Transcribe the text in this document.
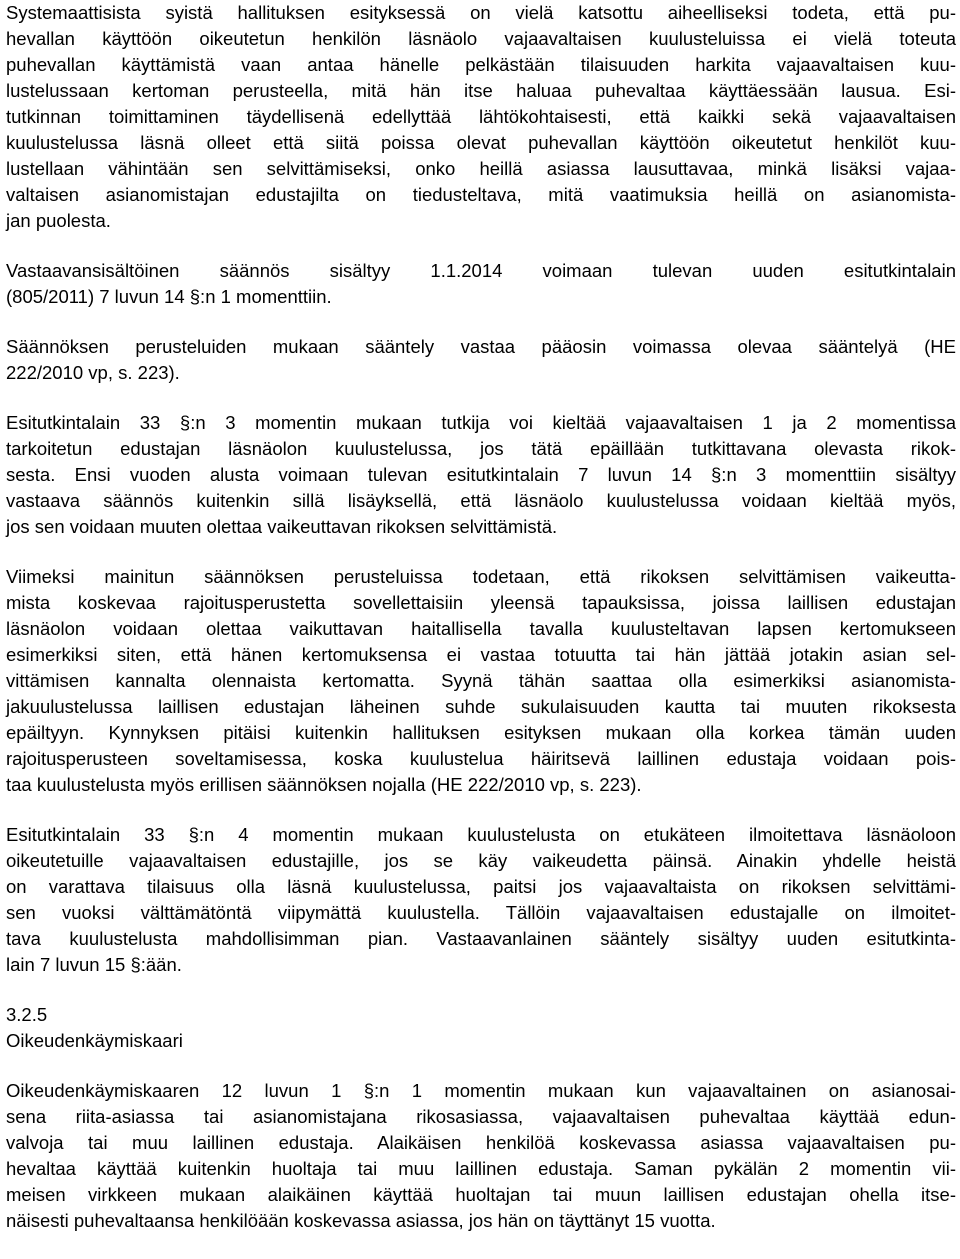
Systemaattisista syistä hallituksen esityksessä on vielä katsottu aiheelliseksi todeta, että pu-
hevallan käyttöön oikeutetun henkilön läsnäolo vajaavaltaisen kuulusteluissa ei vielä toteuta
puhevallan käyttämistä vaan antaa hänelle pelkästään tilaisuuden harkita vajaavaltaisen kuu-
lustelussaan kertoman perusteella, mitä hän itse haluaa puhevaltaa käyttäessään lausua. Esi-
tutkinnan toimittaminen täydellisenä edellyttää lähtökohtaisesti, että kaikki sekä vajaavaltaisen
kuulustelussa läsnä olleet että siitä poissa olevat puhevallan käyttöön oikeutetut henkilöt kuu-
lustellaan vähintään sen selvittämiseksi, onko heillä asiassa lausuttavaa, minkä lisäksi vajaa-
valtaisen asianomistajan edustajilta on tiedusteltava, mitä vaatimuksia heillä on asianomista-
jan puolesta.
Vastaavansisältöinen säännös sisältyy 1.1.2014 voimaan tulevan uuden esitutkintalain
(805/2011) 7 luvun 14 §:n 1 momenttiin.
Säännöksen perusteluiden mukaan sääntely vastaa pääosin voimassa olevaa sääntelyä (HE
222/2010 vp, s. 223).
Esitutkintalain 33 §:n 3 momentin mukaan tutkija voi kieltää vajaavaltaisen 1 ja 2 momentissa
tarkoitetun edustajan läsnäolon kuulustelussa, jos tätä epäillään tutkittavana olevasta rikok-
sesta. Ensi vuoden alusta voimaan tulevan esitutkintalain 7 luvun 14 §:n 3 momenttiin sisältyy
vastaava säännös kuitenkin sillä lisäyksellä, että läsnäolo kuulustelussa voidaan kieltää myös,
jos sen voidaan muuten olettaa vaikeuttavan rikoksen selvittämistä.
Viimeksi mainitun säännöksen perusteluissa todetaan, että rikoksen selvittämisen vaikeutta-
mista koskevaa rajoitusperustetta sovellettaisiin yleensä tapauksissa, joissa laillisen edustajan
läsnäolon voidaan olettaa vaikuttavan haitallisella tavalla kuulusteltavan lapsen kertomukseen
esimerkiksi siten, että hänen kertomuksensa ei vastaa totuutta tai hän jättää jotakin asian sel-
vittämisen kannalta olennaista kertomatta. Syynä tähän saattaa olla esimerkiksi asianomista-
jakuulustelussa laillisen edustajan läheinen suhde sukulaisuuden kautta tai muuten rikoksesta
epäiltyyn. Kynnyksen pitäisi kuitenkin hallituksen esityksen mukaan olla korkea tämän uuden
rajoitusperusteen soveltamisessa, koska kuulustelua häiritsevä laillinen edustaja voidaan pois-
taa kuulustelusta myös erillisen säännöksen nojalla (HE 222/2010 vp, s. 223).
Esitutkintalain 33 §:n 4 momentin mukaan kuulustelusta on etukäteen ilmoitettava läsnäoloon
oikeutetuille vajaavaltaisen edustajille, jos se käy vaikeudetta päinsä. Ainakin yhdelle heistä
on varattava tilaisuus olla läsnä kuulustelussa, paitsi jos vajaavaltaista on rikoksen selvittämi-
sen vuoksi välttämätöntä viipymättä kuulustella. Tällöin vajaavaltaisen edustajalle on ilmoitet-
tava kuulustelusta mahdollisimman pian. Vastaavanlainen sääntely sisältyy uuden esitutkinta-
lain 7 luvun 15 §:ään.
3.2.5
Oikeudenkäymiskaari
Oikeudenkäymiskaaren 12 luvun 1 §:n 1 momentin mukaan kun vajaavaltainen on asianosai-
sena riita-asiassa tai asianomistajana rikosasiassa, vajaavaltaisen puhevaltaa käyttää edun-
valvoja tai muu laillinen edustaja. Alaikäisen henkilöä koskevassa asiassa vajaavaltaisen pu-
hevaltaa käyttää kuitenkin huoltaja tai muu laillinen edustaja. Saman pykälän 2 momentin vii-
meisen virkkeen mukaan alaikäinen käyttää huoltajan tai muun laillisen edustajan ohella itse-
näisesti puhevaltaansa henkilöään koskevassa asiassa, jos hän on täyttänyt 15 vuotta.
